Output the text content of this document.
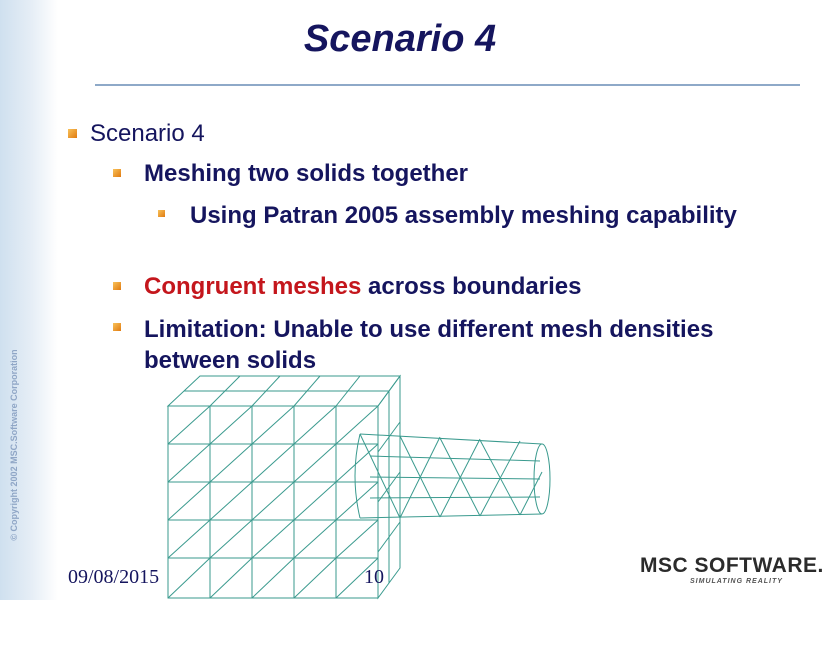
© Copyright 2002 MSC.Software Corporation
Scenario 4
Scenario 4
Meshing two solids together
Using Patran 2005 assembly meshing capability
Congruent meshes across boundaries
Limitation: Unable to use different mesh densities between solids
09/08/2015	10	MSC SOFTWARE.
SIMULATING REALITY
